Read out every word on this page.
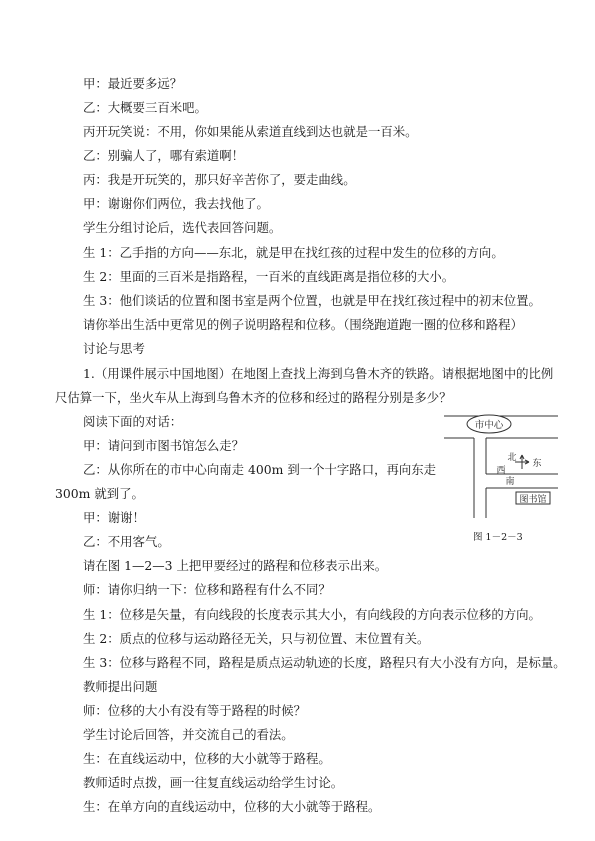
甲：最近要多远？
乙：大概要三百米吧。
丙开玩笑说：不用，你如果能从索道直线到达也就是一百米。
乙：别骗人了，哪有索道啊！
丙：我是开玩笑的，那只好辛苦你了，要走曲线。
甲：谢谢你们两位，我去找他了。
学生分组讨论后，选代表回答问题。
生 1：乙手指的方向——东北，就是甲在找红孩的过程中发生的位移的方向。
生 2：里面的三百米是指路程，一百米的直线距离是指位移的大小。
生 3：他们谈话的位置和图书室是两个位置，也就是甲在找红孩过程中的初末位置。
请你举出生活中更常见的例子说明路程和位移。（围绕跑道跑一圈的位移和路程）
讨论与思考
1.（用课件展示中国地图）在地图上查找上海到乌鲁木齐的铁路。请根据地图中的比例
尺估算一下，坐火车从上海到乌鲁木齐的位移和经过的路程分别是多少？
阅读下面的对话：
甲：请问到市图书馆怎么走？
乙：从你所在的市中心向南走 400m 到一个十字路口，再向东走
300m 就到了。
甲：谢谢！
乙：不用客气。
请在图 1—2—3 上把甲要经过的路程和位移表示出来。
师：请你归纳一下：位移和路程有什么不同？
生 1：位移是矢量，有向线段的长度表示其大小，有向线段的方向表示位移的方向。
生 2：质点的位移与运动路径无关，只与初位置、末位置有关。
生 3：位移与路程不同，路程是质点运动轨迹的长度，路程只有大小没有方向，是标量。
教师提出问题
师：位移的大小有没有等于路程的时候？
学生讨论后回答，并交流自己的看法。
生：在直线运动中，位移的大小就等于路程。
教师适时点拨，画一往复直线运动给学生讨论。
生：在单方向的直线运动中，位移的大小就等于路程。
市中心
北
西
东
南
图书馆
图 1－2－3
